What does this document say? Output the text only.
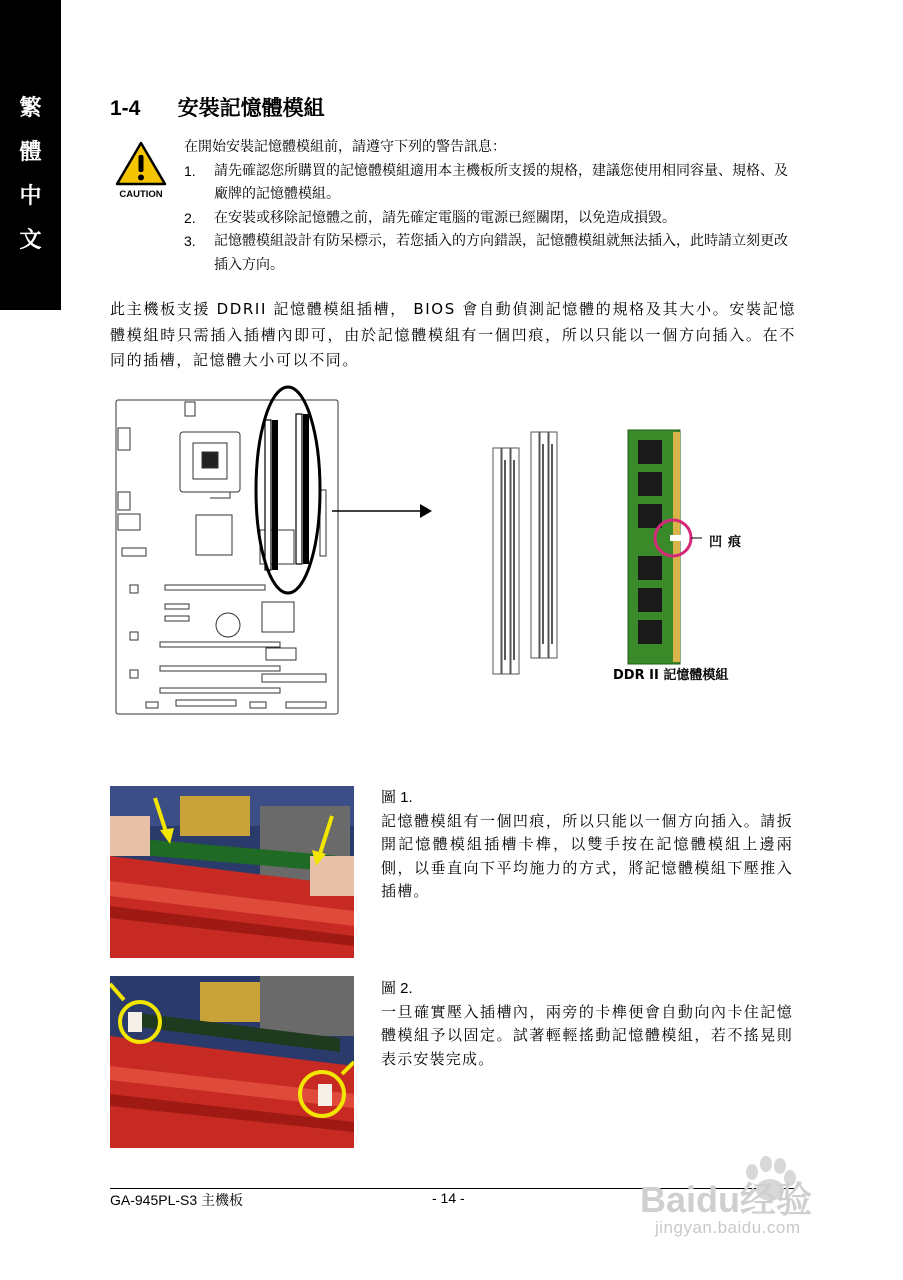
繁
體
中
文
1-4 安裝記憶體模組
CAUTION
在開始安裝記憶體模組前，請遵守下列的警告訊息：
1. 請先確認您所購買的記憶體模組適用本主機板所支援的規格，建議您使用相同容量、規格、及廠牌的記憶體模組。
2. 在安裝或移除記憶體之前，請先確定電腦的電源已經關閉，以免造成損毀。
3. 記憶體模組設計有防呆標示，若您插入的方向錯誤，記憶體模組就無法插入，此時請立刻更改插入方向。
此主機板支援 DDRII 記憶體模組插槽， BIOS 會自動偵測記憶體的規格及其大小。安裝記憶體模組時只需插入插槽內即可，由於記憶體模組有一個凹痕，所以只能以一個方向插入。在不同的插槽，記憶體大小可以不同。
凹痕
DDR II 記憶體模組
圖 1.
記憶體模組有一個凹痕，所以只能以一個方向插入。請扳開記憶體模組插槽卡榫，以雙手按在記憶體模組上邊兩側，以垂直向下平均施力的方式，將記憶體模組下壓推入插槽。
圖 2.
一旦確實壓入插槽內，兩旁的卡榫便會自動向內卡住記憶體模組予以固定。試著輕輕搖動記憶體模組，若不搖晃則表示安裝完成。
GA-945PL-S3 主機板	- 14 -	Baidu经验
jingyan.baidu.com
